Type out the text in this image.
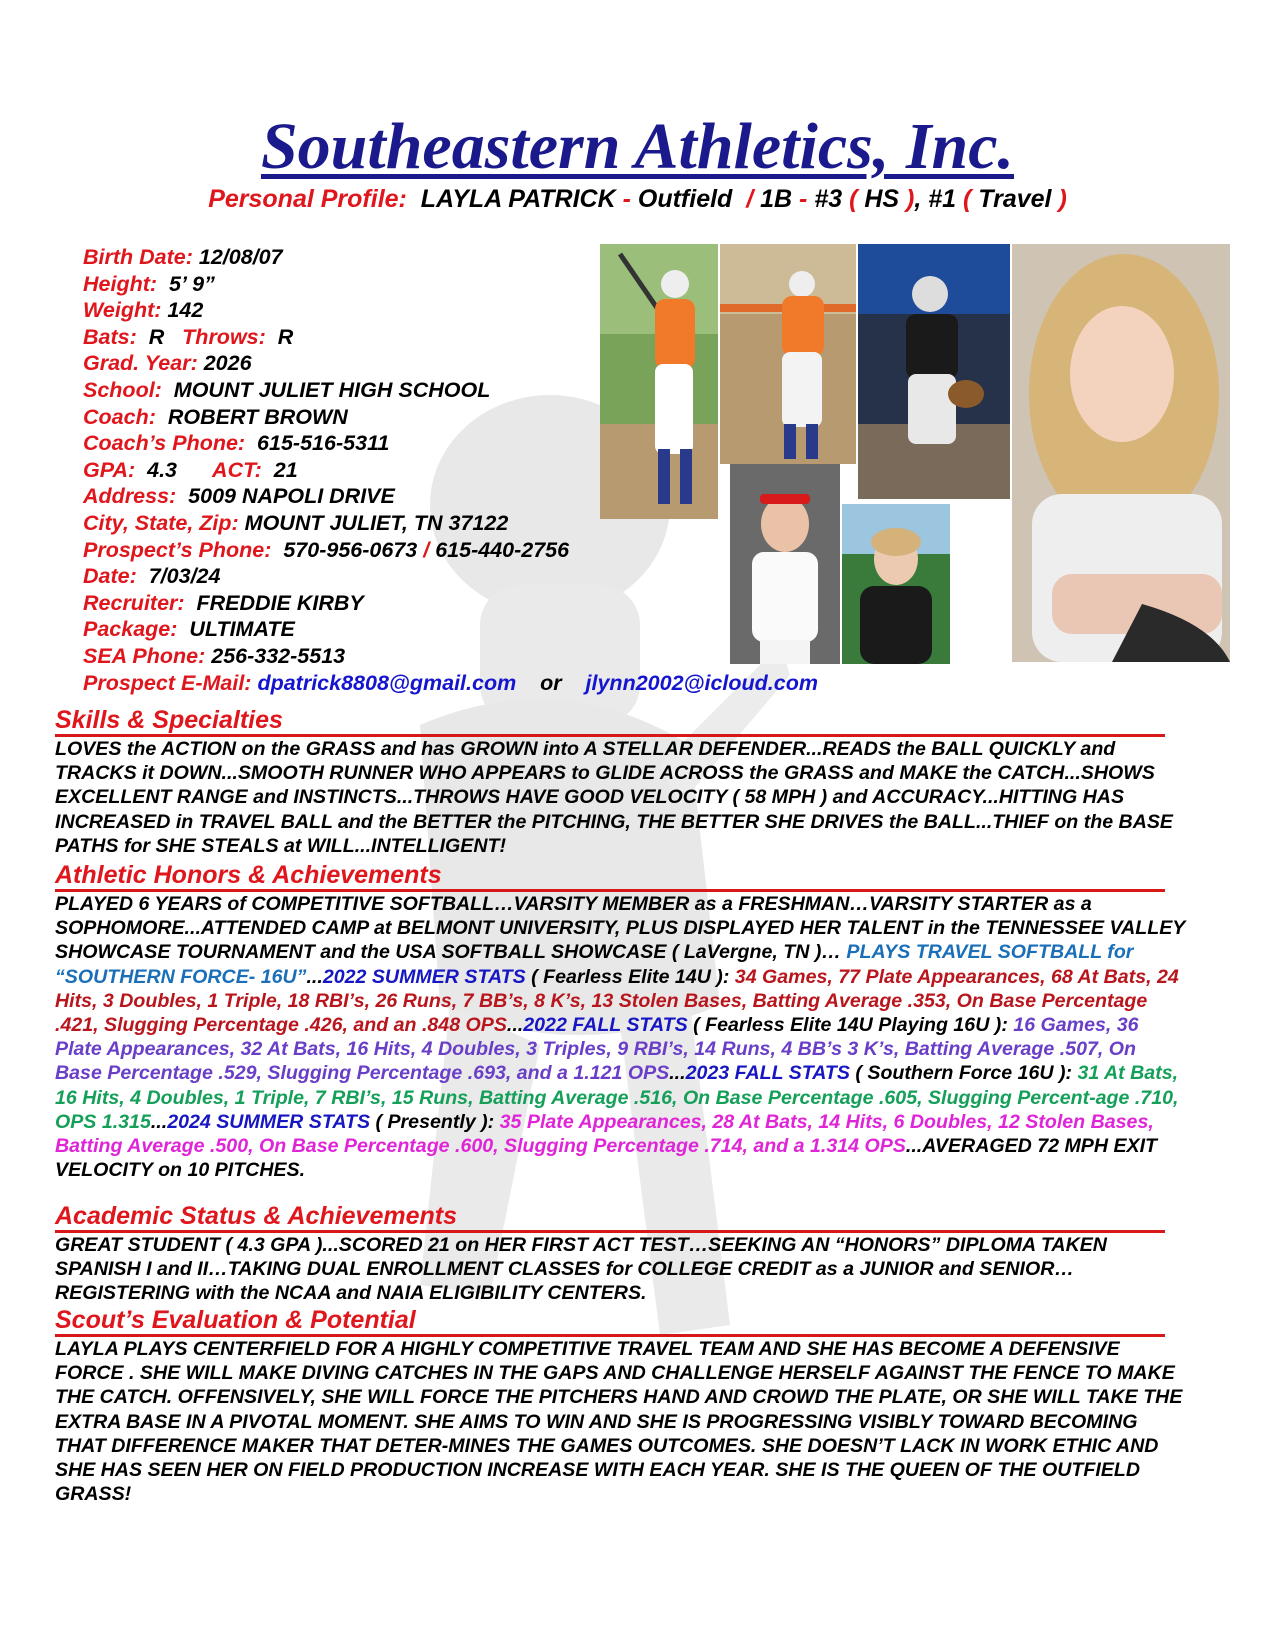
Southeastern Athletics, Inc.
Personal Profile: LAYLA PATRICK - Outfield  / 1B - #3 ( HS ), #1 ( Travel )
Birth Date: 12/08/07
Height: 5’ 9”
Weight: 142
Bats: R Throws: R
Grad. Year: 2026
School: MOUNT JULIET HIGH SCHOOL
Coach: ROBERT BROWN
Coach’s Phone: 615-516-5311
GPA: 4.3 ACT: 21
Address: 5009 NAPOLI DRIVE
City, State, Zip: MOUNT JULIET, TN 37122
Prospect’s Phone: 570-956-0673 / 615-440-2756
Date: 7/03/24
Recruiter: FREDDIE KIRBY
Package: ULTIMATE
SEA Phone: 256-332-5513
Prospect E-Mail: dpatrick8808@gmail.com or jlynn2002@icloud.com
Skills & Specialties
LOVES the ACTION on the GRASS and has GROWN into A STELLAR DEFENDER...READS the BALL QUICKLY and TRACKS it DOWN...SMOOTH RUNNER WHO APPEARS to GLIDE ACROSS the GRASS and MAKE the CATCH...SHOWS EXCELLENT RANGE and INSTINCTS...THROWS HAVE GOOD VELOCITY ( 58 MPH ) and ACCURACY...HITTING HAS INCREASED in TRAVEL BALL and the BETTER the PITCHING, THE BETTER SHE DRIVES the BALL...THIEF on the BASE PATHS for SHE STEALS at WILL...INTELLIGENT!
Athletic Honors & Achievements
PLAYED 6 YEARS of COMPETITIVE SOFTBALL…VARSITY MEMBER as a FRESHMAN…VARSITY STARTER as a SOPHOMORE...ATTENDED CAMP at BELMONT UNIVERSITY, PLUS DISPLAYED HER TALENT in the TENNESSEE VALLEY SHOWCASE TOURNAMENT and the USA SOFTBALL SHOWCASE ( LaVergne, TN )… PLAYS TRAVEL SOFTBALL for “SOUTHERN FORCE- 16U”...2022 SUMMER STATS ( Fearless Elite 14U ): 34 Games, 77 Plate Appearances, 68 At Bats, 24 Hits, 3 Doubles, 1 Triple, 18 RBI’s, 26 Runs, 7 BB’s, 8 K’s, 13 Stolen Bases, Batting Average .353, On Base Percentage .421, Slugging Percentage .426, and an .848 OPS...2022 FALL STATS ( Fearless Elite 14U Playing 16U ): 16 Games, 36 Plate Appearances, 32 At Bats, 16 Hits, 4 Doubles, 3 Triples, 9 RBI’s, 14 Runs, 4 BB’s 3 K’s, Batting Average .507, On Base Percentage .529, Slugging Percentage .693, and a 1.121 OPS...2023 FALL STATS ( Southern Force 16U ): 31 At Bats, 16 Hits, 4 Doubles, 1 Triple, 7 RBI’s, 15 Runs, Batting Average .516, On Base Percentage .605, Slugging Percent-age .710, OPS 1.315...2024 SUMMER STATS ( Presently ): 35 Plate Appearances, 28 At Bats, 14 Hits, 6 Doubles, 12 Stolen Bases, Batting Average .500, On Base Percentage .600, Slugging Percentage .714, and a 1.314 OPS...AVERAGED 72 MPH EXIT VELOCITY on 10 PITCHES.
Academic Status & Achievements
GREAT STUDENT ( 4.3 GPA )...SCORED 21 on HER FIRST ACT TEST…SEEKING AN “HONORS” DIPLOMA TAKEN SPANISH I and II…TAKING DUAL ENROLLMENT CLASSES for COLLEGE CREDIT as a JUNIOR and SENIOR…REGISTERING with the NCAA and NAIA ELIGIBILITY CENTERS.
Scout’s Evaluation & Potential
LAYLA PLAYS CENTERFIELD FOR A HIGHLY COMPETITIVE TRAVEL TEAM AND SHE HAS BECOME A DEFENSIVE FORCE . SHE WILL MAKE DIVING CATCHES IN THE GAPS AND CHALLENGE HERSELF AGAINST THE FENCE TO MAKE THE CATCH. OFFENSIVELY, SHE WILL FORCE THE PITCHERS HAND AND CROWD THE PLATE, OR SHE WILL TAKE THE EXTRA BASE IN A PIVOTAL MOMENT. SHE AIMS TO WIN AND SHE IS PROGRESSING VISIBLY TOWARD BECOMING THAT DIFFERENCE MAKER THAT DETER-MINES THE GAMES OUTCOMES. SHE DOESN’T LACK IN WORK ETHIC AND SHE HAS SEEN HER ON FIELD PRODUCTION INCREASE WITH EACH YEAR. SHE IS THE QUEEN OF THE OUTFIELD GRASS!
